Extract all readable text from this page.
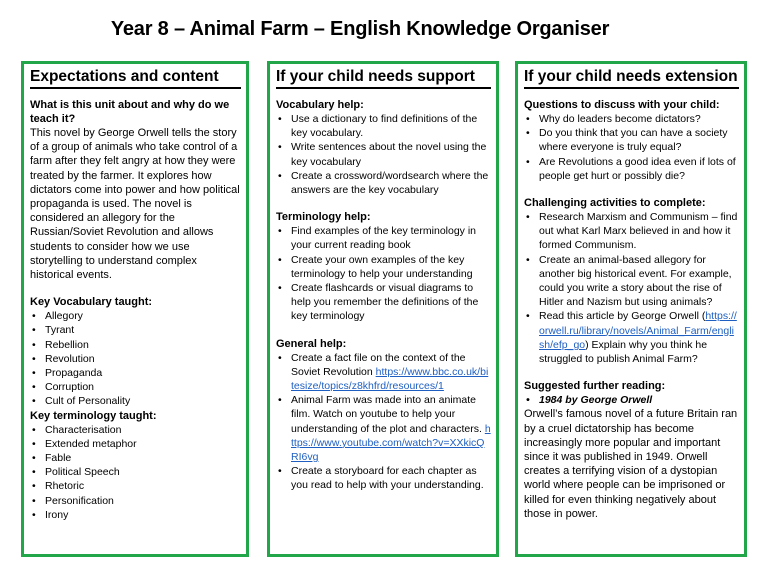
Year 8 – Animal Farm – English Knowledge Organiser
Expectations and content

What is this unit about and why do we teach it?

This novel by George Orwell tells the story of a group of animals who take control of a farm after they felt angry at how they were treated by the farmer. It explores how dictators come into power and how political propaganda is used. The novel is considered an allegory for the Russian/Soviet Revolution and allows students to consider how we use storytelling to understand complex historical events.

Key Vocabulary taught:

• Allegory
• Tyrant
• Rebellion
• Revolution
• Propaganda
• Corruption
• Cult of Personality

Key terminology taught:

• Characterisation
• Extended metaphor
• Fable
• Political Speech
• Rhetoric
• Personification
• Irony
If your child needs support

Vocabulary help:

• Use a dictionary to find definitions of the key vocabulary.
• Write sentences about the novel using the key vocabulary
• Create a crossword/wordsearch where the answers are the key vocabulary

Terminology help:

• Find examples of the key terminology in your current reading book
• Create your own examples of the key terminology to help your understanding
• Create flashcards or visual diagrams to help you remember the definitions of the key terminology

General help:

• Create a fact file on the context of the Soviet Revolution https://www.bbc.co.uk/bitesize/topics/z8khfrd/resources/1
• Animal Farm was made into an animate film. Watch on youtube to help your understanding of the plot and characters. https://www.youtube.com/watch?v=XXkicQRI6vg
• Create a storyboard for each chapter as you read to help with your understanding.
If your child needs extension

Questions to discuss with your child:

• Why do leaders become dictators?
• Do you think that you can have a society where everyone is truly equal?
• Are Revolutions a good idea even if lots of people get hurt or possibly die?

Challenging activities to complete:

• Research Marxism and Communism – find out what Karl Marx believed in and how it formed Communism.
• Create an animal-based allegory for another big historical event. For example, could you write a story about the rise of Hitler and Nazism but using animals?
• Read this article by George Orwell (https://orwell.ru/library/novels/Animal_Farm/english/efp_go) Explain why you think he struggled to publish Animal Farm?

Suggested further reading:

• 1984 by George Orwell

Orwell’s famous novel of a future Britain ran by a cruel dictatorship has become increasingly more popular and important since it was published in 1949. Orwell creates a terrifying vision of a dystopian world where people can be imprisoned or killed for even thinking negatively about those in power.
